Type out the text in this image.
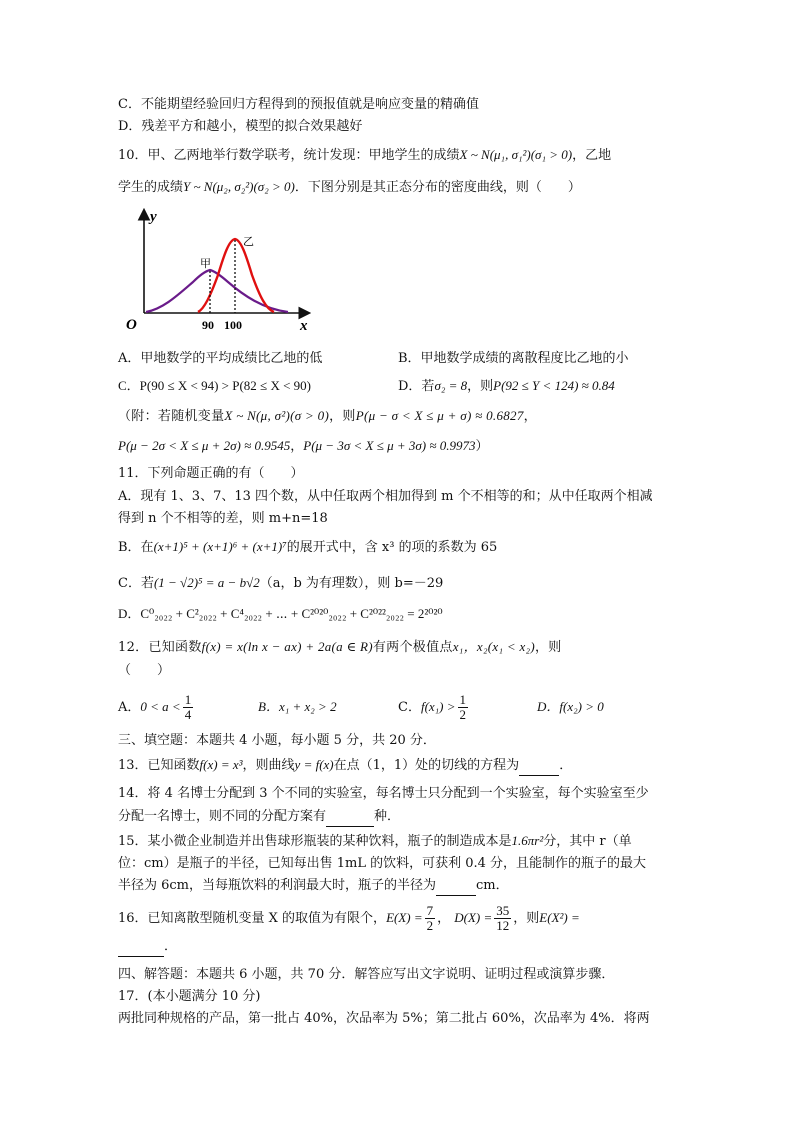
C．不能期望经验回归方程得到的预报值就是响应变量的精确值
D．残差平方和越小，模型的拟合效果越好
10．甲、乙两地举行数学联考，统计发现：甲地学生的成绩X ~ N(μ₁, σ₁²)(σ₁ > 0)，乙地
学生的成绩Y ~ N(μ₂, σ₂²)(σ₂ > 0)．下图分别是其正态分布的密度曲线，则（　　）
y
x
O
甲
乙
90 100
A．甲地数学的平均成绩比乙地的低	B．甲地数学成绩的离散程度比乙地的小
C．P(90 ≤ X < 94) > P(82 ≤ X < 90)	D．若σ₂ = 8，则P(92 ≤ Y < 124) ≈ 0.84
（附：若随机变量X ~ N(μ, σ²)(σ > 0)，则P(μ − σ < X ≤ μ + σ) ≈ 0.6827，
P(μ − 2σ < X ≤ μ + 2σ) ≈ 0.9545，P(μ − 3σ < X ≤ μ + 3σ) ≈ 0.9973）
11．下列命题正确的有（　　）
A．现有 1、3、7、13 四个数，从中任取两个相加得到 m 个不相等的和；从中任取两个相减
得到 n 个不相等的差，则 m+n=18
B．在(x+1)⁵ + (x+1)⁶ + (x+1)⁷的展开式中，含 x³ 的项的系数为 65
C．若(1 − √2)⁵ = a − b√2（a，b 为有理数），则 b=－29
D．C⁰₂₀₂₂ + C²₂₀₂₂ + C⁴₂₀₂₂ + ⋯ + C²⁰²⁰₂₀₂₂ + C²⁰²²₂₀₂₂ = 2²⁰²⁰
12．已知函数f(x) = x(ln x − ax) + 2a(a ∈ R)有两个极值点x₁，x₂(x₁ < x₂)，则
（　　）
A．$0 < a < \frac{1}{4}$	B．x₁ + x₂ > 2	C．$f(x_1) > \frac{1}{2}$	D．f(x₂) > 0
三、填空题：本题共 4 小题，每小题 5 分，共 20 分．
13．已知函数f(x) = x³，则曲线y = f(x)在点（1，1）处的切线的方程为	．
14．将 4 名博士分配到 3 个不同的实验室，每名博士只分配到一个实验室，每个实验室至少
分配一名博士，则不同的分配方案有	种．
15．某小微企业制造并出售球形瓶装的某种饮料，瓶子的制造成本是1.6πr²分，其中 r（单
位：cm）是瓶子的半径，已知每出售 1mL 的饮料，可获利 0.4 分，且能制作的瓶子的最大
半径为 6cm，当每瓶饮料的利润最大时，瓶子的半径为	cm．
16．已知离散型随机变量 X 的取值为有限个，$E(X) = \frac{7}{2}$ ， $D(X) = \frac{35}{12}$ ，则E(X²) =
．
四、解答题：本题共 6 小题，共 70 分．解答应写出文字说明、证明过程或演算步骤．
17．(本小题满分 10 分)
两批同种规格的产品，第一批占 40%，次品率为 5%；第二批占 60%，次品率为 4%．将两
